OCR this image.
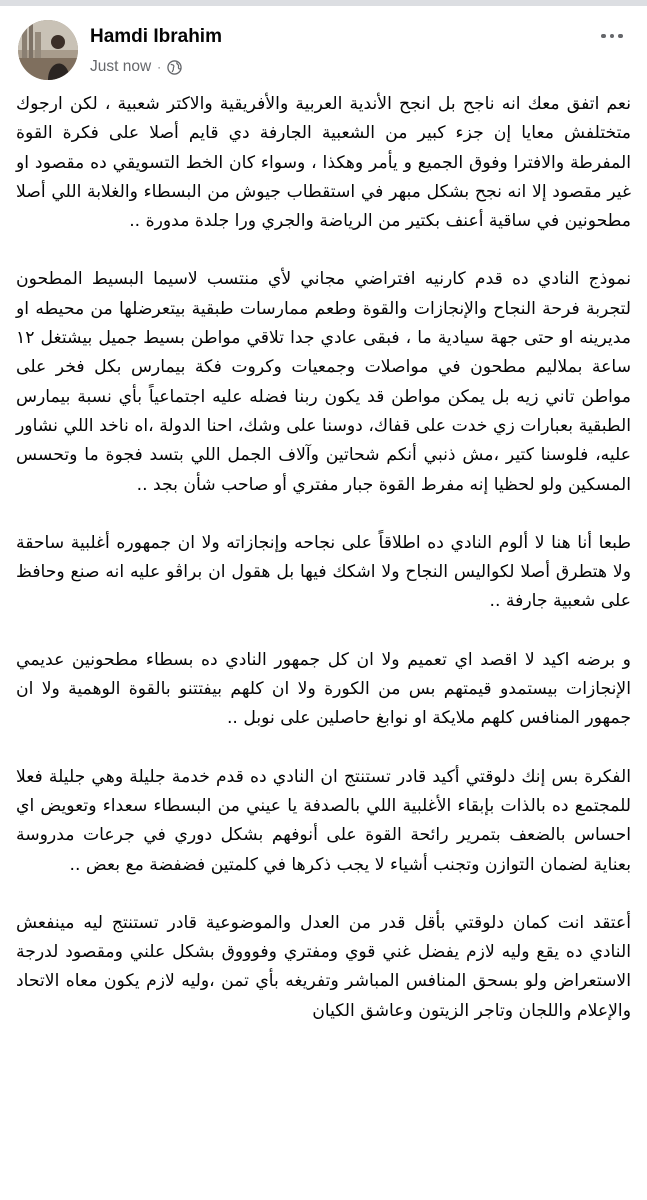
Hamdi Ibrahim
Just now ·

نعم اتفق معك انه ناجح بل انجح الأندية العربية والأفريقية والاكتر شعبية ، لكن ارجوك متختلفش معايا إن جزء كبير من الشعبية الجارفة دي قايم أصلا على فكرة القوة المفرطة والافترا وفوق الجميع و يأمر وهكذا ، وسواء كان الخط التسويقي ده مقصود او غير مقصود إلا انه نجح بشكل مبهر في استقطاب جيوش من البسطاء والغلابة اللي أصلا مطحونين في ساقية أعنف بكتير من الرياضة والجري ورا جلدة مدورة ..

نموذج النادي ده قدم كارنيه افتراضي مجاني لأي منتسب لاسيما البسيط المطحون لتجربة فرحة النجاح والإنجازات والقوة وطعم ممارسات طبقية بيتعرضلها من محيطه او مديرينه او حتى جهة سيادية ما ، فبقى عادي جدا تلاقي مواطن بسيط جميل بيشتغل ١٢ ساعة بملاليم مطحون في مواصلات وجمعيات وكروت فكة بيمارس بكل فخر على مواطن تاني زيه بل يمكن مواطن قد يكون ربنا فضله عليه اجتماعياً بأي نسبة بيمارس الطبقية بعبارات زي خدت على قفاك، دوسنا على وشك، احنا الدولة ،اه ناخد اللي نشاور عليه، فلوسنا كتير ،مش ذنبي أنكم شحاتين وآلاف الجمل اللي بتسد فجوة ما وتحسس المسكين ولو لحظيا إنه مفرط القوة جبار مفتري أو صاحب شأن بجد ..

طبعا أنا هنا لا ألوم النادي ده اطلاقاً على نجاحه وإنجازاته ولا ان جمهوره أغلبية ساحقة ولا هتطرق أصلا لكواليس النجاح ولا اشكك فيها بل هقول ان براڤو عليه انه صنع وحافظ على شعبية جارفة ..

و برضه اكيد لا اقصد اي تعميم ولا ان كل جمهور النادي ده بسطاء مطحونين عديمي الإنجازات بيستمدو قيمتهم بس من الكورة ولا ان كلهم بيفتتنو بالقوة الوهمية ولا ان جمهور المنافس كلهم ملايكة او نوابغ حاصلين على نوبل ..

الفكرة بس إنك دلوقتي أكيد قادر تستنتج ان النادي ده قدم خدمة جليلة وهي جليلة فعلا للمجتمع ده بالذات بإبقاء الأغلبية اللي بالصدفة يا عيني من البسطاء سعداء وتعويض اي احساس بالضعف بتمرير رائحة القوة على أنوفهم بشكل دوري في جرعات مدروسة بعناية لضمان التوازن وتجنب أشياء لا يجب ذكرها في كلمتين فضفضة مع بعض ..

أعتقد انت كمان دلوقتي بأقل قدر من العدل والموضوعية قادر تستنتج ليه مينفعش النادي ده يقع وليه لازم يفضل غني قوي ومفتري وفوووق بشكل علني ومقصود لدرجة الاستعراض ولو بسحق المنافس المباشر وتفريغه بأي تمن ،وليه لازم يكون معاه الاتحاد والإعلام واللجان وتاجر الزيتون وعاشق الكيان
